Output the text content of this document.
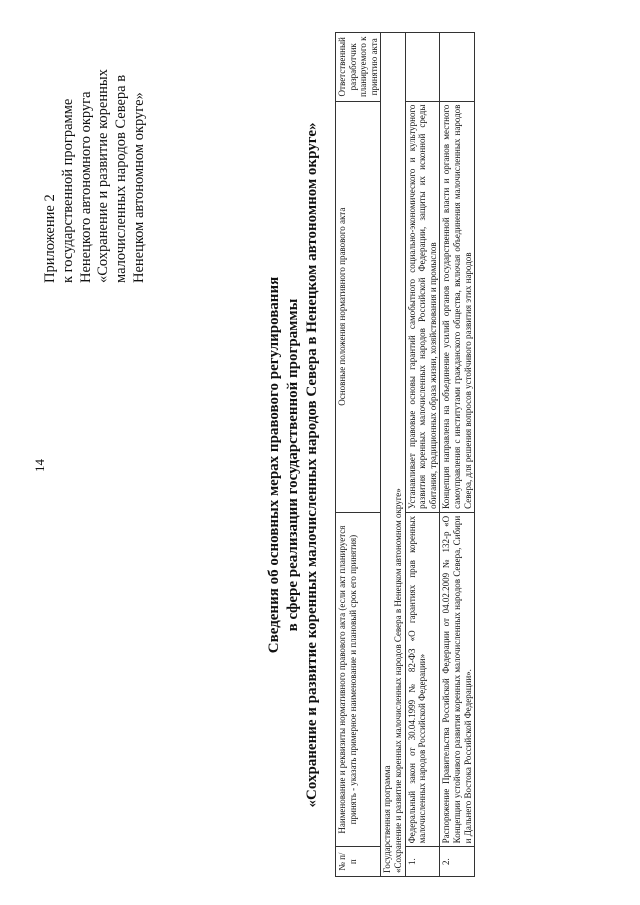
14
Приложение 2 к государственной программе Ненецкого автономного округа «Сохранение и развитие коренных малочисленных народов Севера в Ненецком автономном округе»
Сведения об основных мерах правового регулирования в сфере реализации государственной программы «Сохранение и развитие коренных малочисленных народов Севера в Ненецком автономном округе»
№ п/п	Наименование и реквизиты нормативного правового акта (если акт планируется принять - указать примерное наименование и плановый срок его принятия)	Основные положения нормативного правового акта	Ответственный разработчик планируемого к принятию акта

Государственная программа «Сохранение и развитие коренных малочисленных народов Севера в Ненецком автономном округе»			

1.	Федеральный закон от 30.04.1999 № 82-ФЗ «О гарантиях прав коренных малочисленных народов Российской Федерации»	Устанавливает правовые основы гарантий самобытного социально-экономического и культурного развития коренных малочисленных народов Российской Федерации, защиты их исконной среды обитания, традиционных образа жизни, хозяйствования и промыслов	
2.	Распоряжение Правительства Российской Федерации от 04.02.2009 № 132-р «О Концепции устойчивого развития коренных малочисленных народов Севера, Сибири и Дальнего Востока Российской Федерации».	Концепция направлена на объединение усилий органов государственной власти и органов местного самоуправления с институтами гражданского общества, включая объединения малочисленных народов Севера, для решения вопросов устойчивого развития этих народов	
